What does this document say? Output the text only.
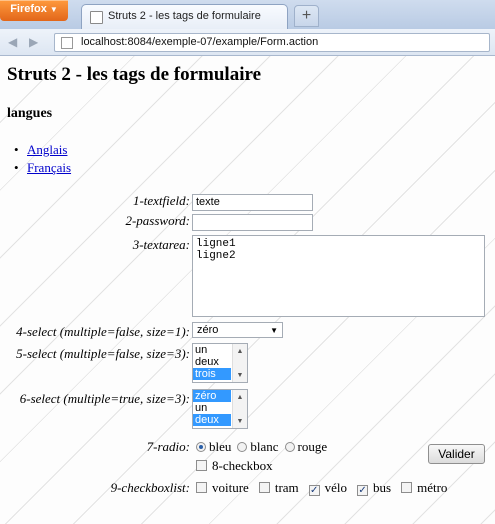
Firefox ▼
Struts 2 - les tags de formulaire	+
◀ ▶	localhost:8084/exemple-07/example/Form.action
Struts 2 - les tags de formulaire
langues
• Anglais
• Français
1-textfield:
texte
2-password:
3-textarea:
ligne1 ligne2
4-select (multiple=false, size=1): zéro	▼
5-select (multiple=false, size=3): un
deux
trois
▲
▼
6-select (multiple=true, size=3): zéro
un
deux
▲
▼
7-radio:	bleu blanc rouge
8-checkbox
9-checkboxlist:	voiture tram ✓ vélo ✓ bus métro
Valider
